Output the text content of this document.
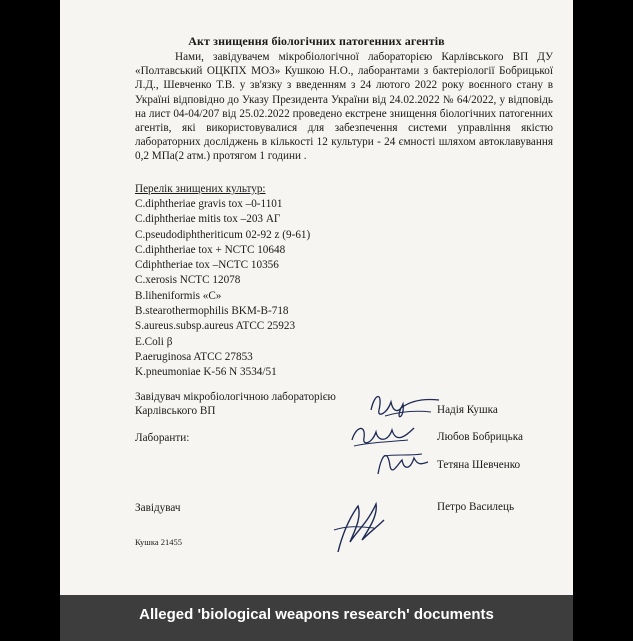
Акт знищення біологічних патогенних агентів

Нами, завідувачем мікробіологічної лабораторією Карлівського ВП ДУ «Полтавський ОЦКПХ МОЗ» Кушкою Н.О., лаборантами з бактеріології Бобрицької Л.Д., Шевченко Т.В. у зв'язку з введенням з 24 лютого 2022 року воєнного стану в Україні відповідно до Указу Президента України від 24.02.2022 № 64/2022, у відповідь на лист 04-04/207 від 25.02.2022 проведено екстрене знищення біологічних патогенних агентів, які використовувалися для забезпечення системи управління якістю лабораторних досліджень в кількості 12 культури - 24 ємності шляхом автоклавування 0,2 МПа(2 атм.) протягом 1 години .

Перелік знищених культур:
C.diphtheriae gravis tox –0-1101
C.diphtheriae mitis tox –203 АГ
C.pseudodiphtheriticum 02-92 z (9-61)
C.diphtheriae tox + NCTC 10648
Cdiphtheriae tox –NCTC 10356
C.xerosis NCTC 12078
B.liheniformis «C»
B.stearothermophilis BKM-B-718
S.aureus.subsp.aureus ATCC 25923
E.Coli β
P.aeruginosa ATCC 27853
K.pneumoniae K-56 N 3534/51
Завідувач мікробіологічною лабораторією Карлівського ВП	Надія Кушка
Лаборанти:	Любов Бобрицька
Тетяна Шевченко
Завідувач	Петро Василець
Кушка 21455
Alleged 'biological weapons research' documents
